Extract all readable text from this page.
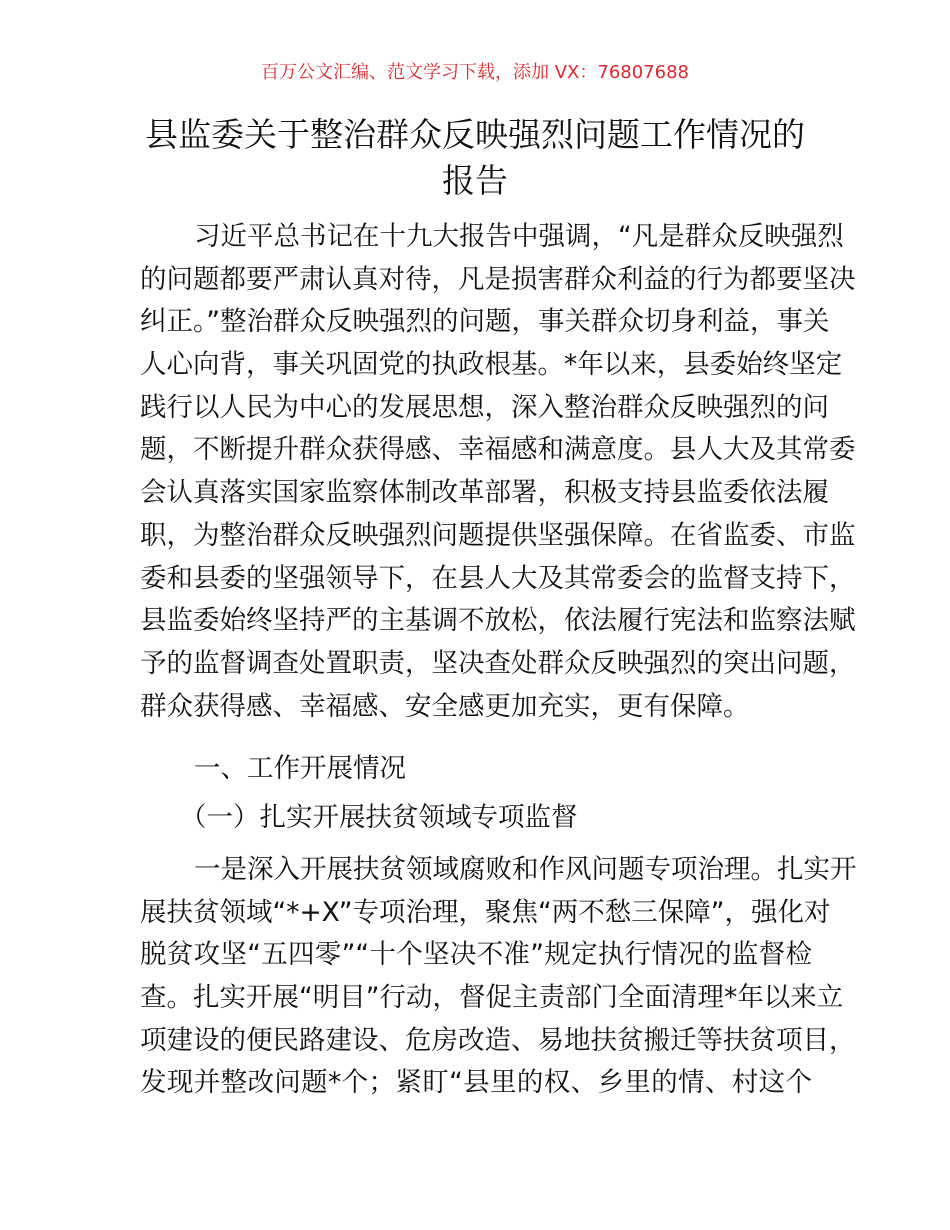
百万公文汇编、范文学习下载，添加 VX：76807688
县监委关于整治群众反映强烈问题工作情况的
报告
习近平总书记在十九大报告中强调，“凡是群众反映强烈
的问题都要严肃认真对待，凡是损害群众利益的行为都要坚决
纠正。”整治群众反映强烈的问题，事关群众切身利益，事关
人心向背，事关巩固党的执政根基。*年以来，县委始终坚定
践行以人民为中心的发展思想，深入整治群众反映强烈的问
题，不断提升群众获得感、幸福感和满意度。县人大及其常委
会认真落实国家监察体制改革部署，积极支持县监委依法履
职，为整治群众反映强烈问题提供坚强保障。在省监委、市监
委和县委的坚强领导下，在县人大及其常委会的监督支持下，
县监委始终坚持严的主基调不放松，依法履行宪法和监察法赋
予的监督调查处置职责，坚决查处群众反映强烈的突出问题，
群众获得感、幸福感、安全感更加充实，更有保障。
一、工作开展情况
（一）扎实开展扶贫领域专项监督
一是深入开展扶贫领域腐败和作风问题专项治理。扎实开
展扶贫领域“*+X”专项治理，聚焦“两不愁三保障”，强化对
脱贫攻坚“五四零”“十个坚决不准”规定执行情况的监督检
查。扎实开展“明目”行动，督促主责部门全面清理*年以来立
项建设的便民路建设、危房改造、易地扶贫搬迁等扶贫项目，
发现并整改问题*个；紧盯“县里的权、乡里的情、村这个
